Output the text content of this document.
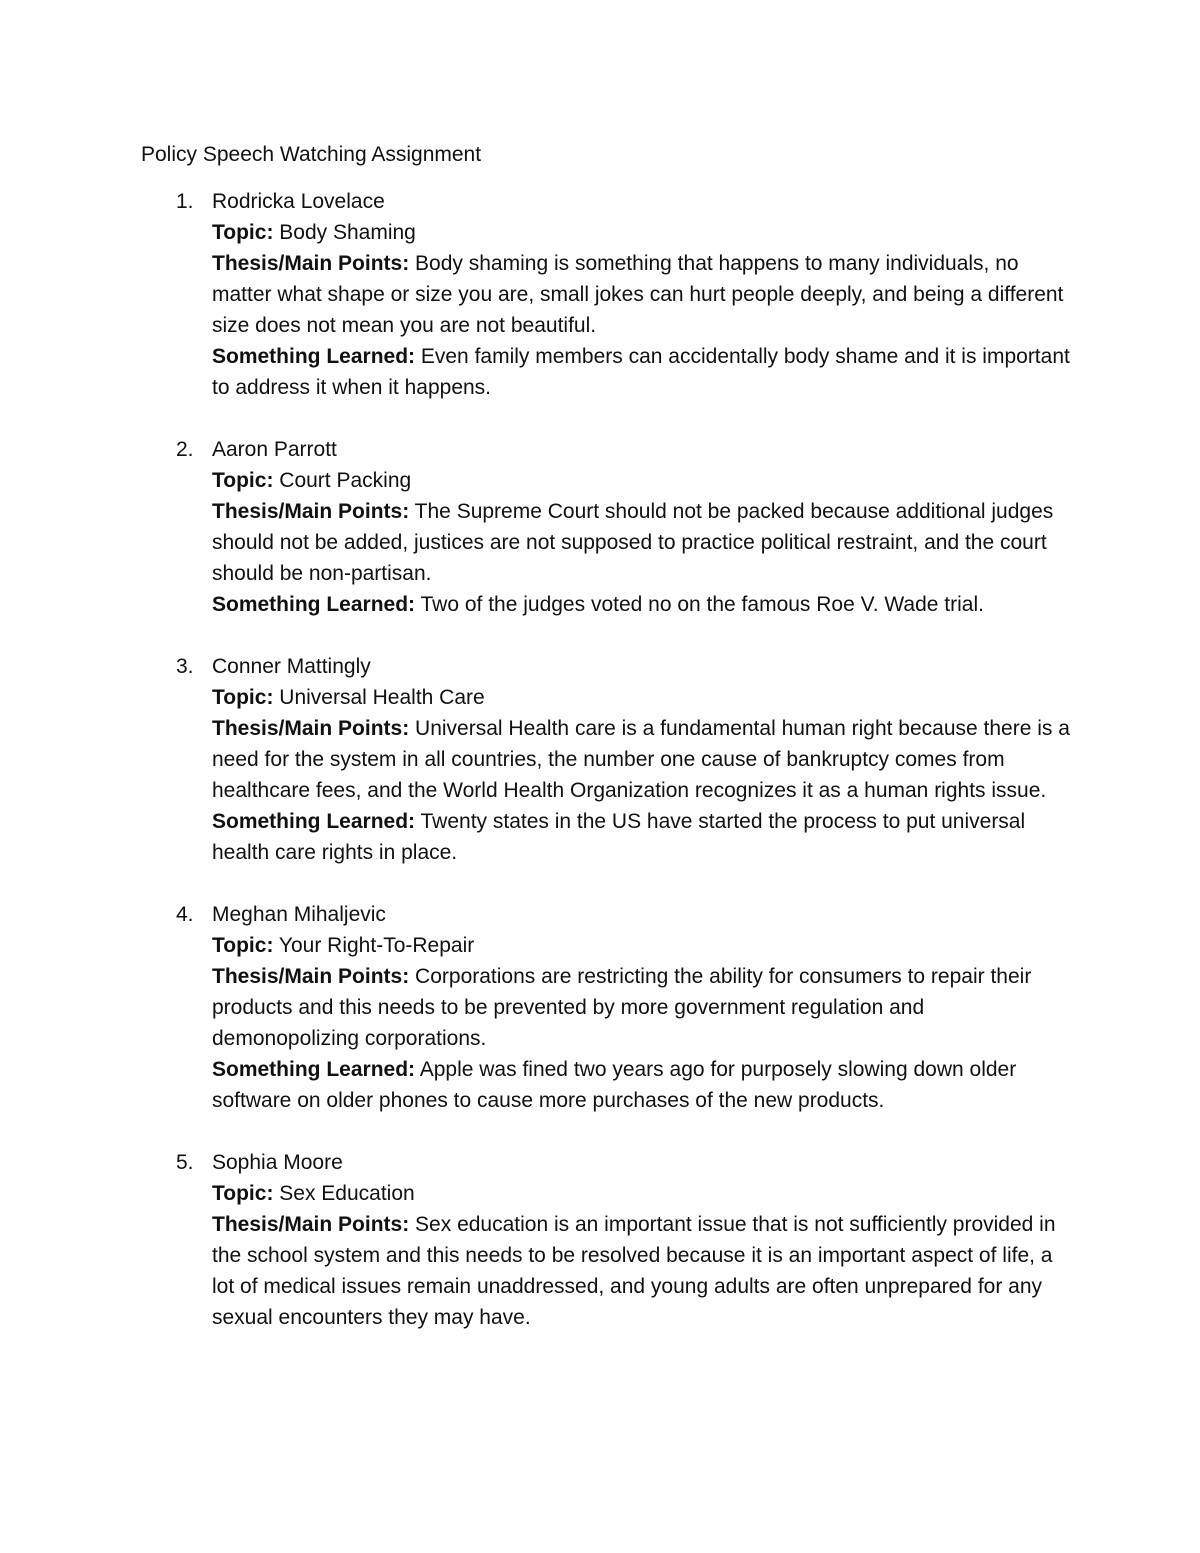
Policy Speech Watching Assignment
1. Rodricka Lovelace

Topic: Body Shaming

Thesis/Main Points: Body shaming is something that happens to many individuals, no matter what shape or size you are, small jokes can hurt people deeply, and being a different size does not mean you are not beautiful.

Something Learned: Even family members can accidentally body shame and it is important to address it when it happens.

2. Aaron Parrott

Topic: Court Packing

Thesis/Main Points: The Supreme Court should not be packed because additional judges should not be added, justices are not supposed to practice political restraint, and the court should be non-partisan.

Something Learned: Two of the judges voted no on the famous Roe V. Wade trial.

3. Conner Mattingly

Topic: Universal Health Care

Thesis/Main Points: Universal Health care is a fundamental human right because there is a need for the system in all countries, the number one cause of bankruptcy comes from healthcare fees, and the World Health Organization recognizes it as a human rights issue.

Something Learned: Twenty states in the US have started the process to put universal health care rights in place.

4. Meghan Mihaljevic

Topic: Your Right-To-Repair

Thesis/Main Points: Corporations are restricting the ability for consumers to repair their products and this needs to be prevented by more government regulation and demonopolizing corporations.

Something Learned: Apple was fined two years ago for purposely slowing down older software on older phones to cause more purchases of the new products.

5. Sophia Moore

Topic: Sex Education

Thesis/Main Points: Sex education is an important issue that is not sufficiently provided in the school system and this needs to be resolved because it is an important aspect of life, a lot of medical issues remain unaddressed, and young adults are often unprepared for any sexual encounters they may have.
